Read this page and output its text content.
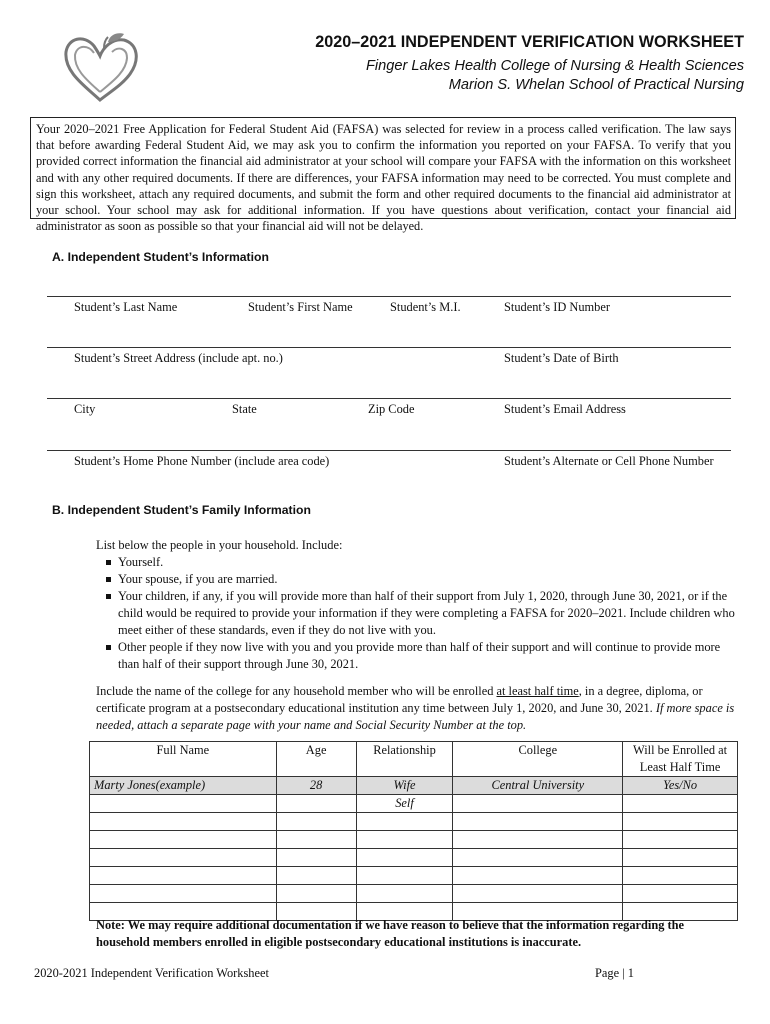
2020–2021 INDEPENDENT VERIFICATION WORKSHEET
Finger Lakes Health College of Nursing & Health Sciences
Marion S. Whelan School of Practical Nursing
Your 2020–2021 Free Application for Federal Student Aid (FAFSA) was selected for review in a process called verification. The law says that before awarding Federal Student Aid, we may ask you to confirm the information you reported on your FAFSA. To verify that you provided correct information the financial aid administrator at your school will compare your FAFSA with the information on this worksheet and with any other required documents. If there are differences, your FAFSA information may need to be corrected. You must complete and sign this worksheet, attach any required documents, and submit the form and other required documents to the financial aid administrator at your school. Your school may ask for additional information. If you have questions about verification, contact your financial aid administrator as soon as possible so that your financial aid will not be delayed.
A. Independent Student’s Information
Student’s Last Name	Student’s First Name	Student’s M.I.	Student’s ID Number
Student’s Street Address (include apt. no.)	Student’s Date of Birth
City	State	Zip Code	Student’s Email Address
Student’s Home Phone Number (include area code)	Student’s Alternate or Cell Phone Number
B. Independent Student’s Family Information
List below the people in your household. Include:
Yourself.
Your spouse, if you are married.
Your children, if any, if you will provide more than half of their support from July 1, 2020, through June 30, 2021, or if the child would be required to provide your information if they were completing a FAFSA for 2020–2021. Include children who meet either of these standards, even if they do not live with you.
Other people if they now live with you and you provide more than half of their support and will continue to provide more than half of their support through June 30, 2021.
Include the name of the college for any household member who will be enrolled at least half time, in a degree, diploma, or certificate program at a postsecondary educational institution any time between July 1, 2020, and June 30, 2021. If more space is needed, attach a separate page with your name and Social Security Number at the top.
Full Name	Age	Relationship	College	Will be Enrolled at Least Half Time
Marty Jones(example)	28	Wife	Central University	Yes/No
		Self		

Note: We may require additional documentation if we have reason to believe that the information regarding the household members enrolled in eligible postsecondary educational institutions is inaccurate.
2020-2021 Independent Verification Worksheet	Page | 1
